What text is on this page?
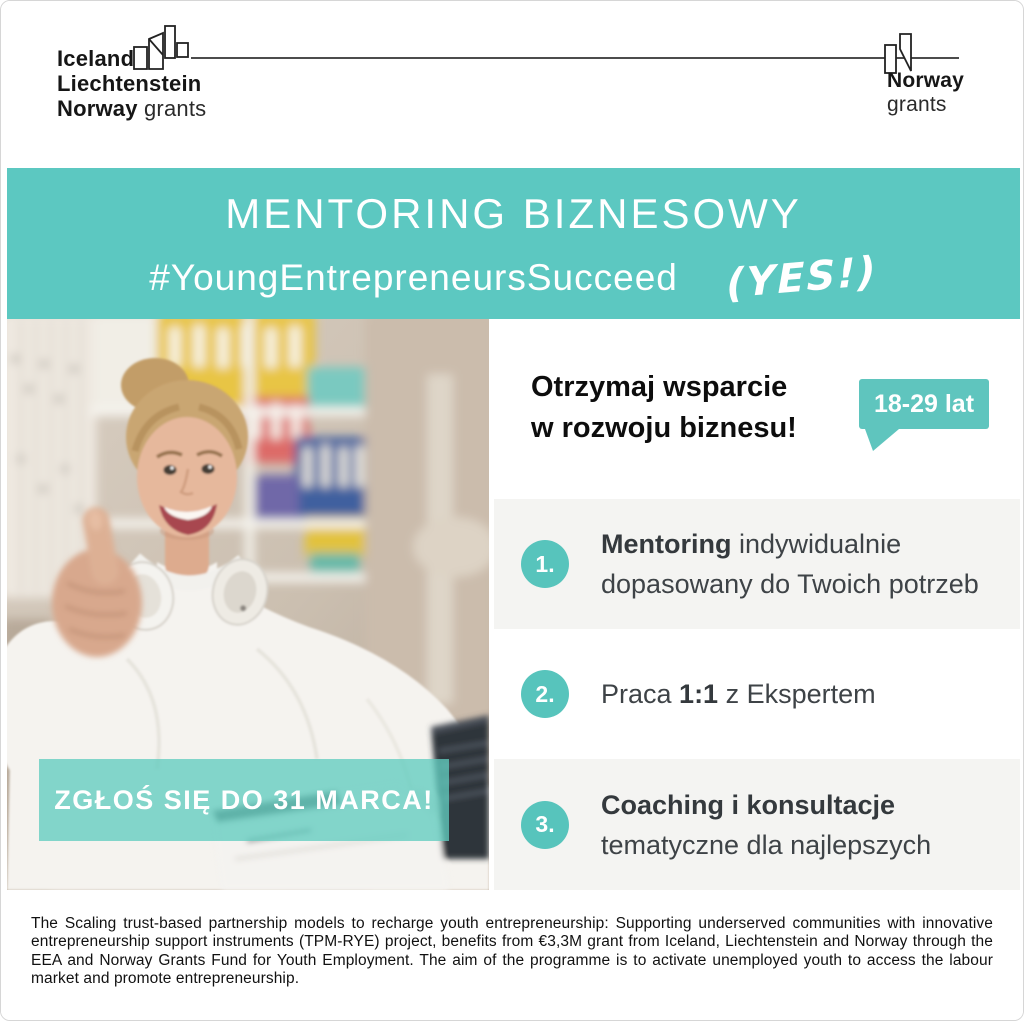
Iceland
Liechtenstein
Norway grants
Norway
grants
MENTORING BIZNESOWY
#YoungEntrepreneursSucceed (YES!)
ZGŁOŚ SIĘ DO 31 MARCA!
Otrzymaj wsparcie
w rozwoju biznesu!
18-29 lat
1.

Mentoring indywidualnie dopasowany do Twoich potrzeb

2.	Praca 1:1 z Ekspertem

3.

Coaching i konsultacje
tematyczne dla najlepszych

The Scaling trust-based partnership models to recharge youth entrepreneurship: Supporting underserved communities with innovative entrepreneurship support instruments (TPM-RYE) project, benefits from €3,3M grant from Iceland, Liechtenstein and Norway through the EEA and Norway Grants Fund for Youth Employment. The aim of the programme is to activate unemployed youth to access the labour market and promote entrepreneurship.
